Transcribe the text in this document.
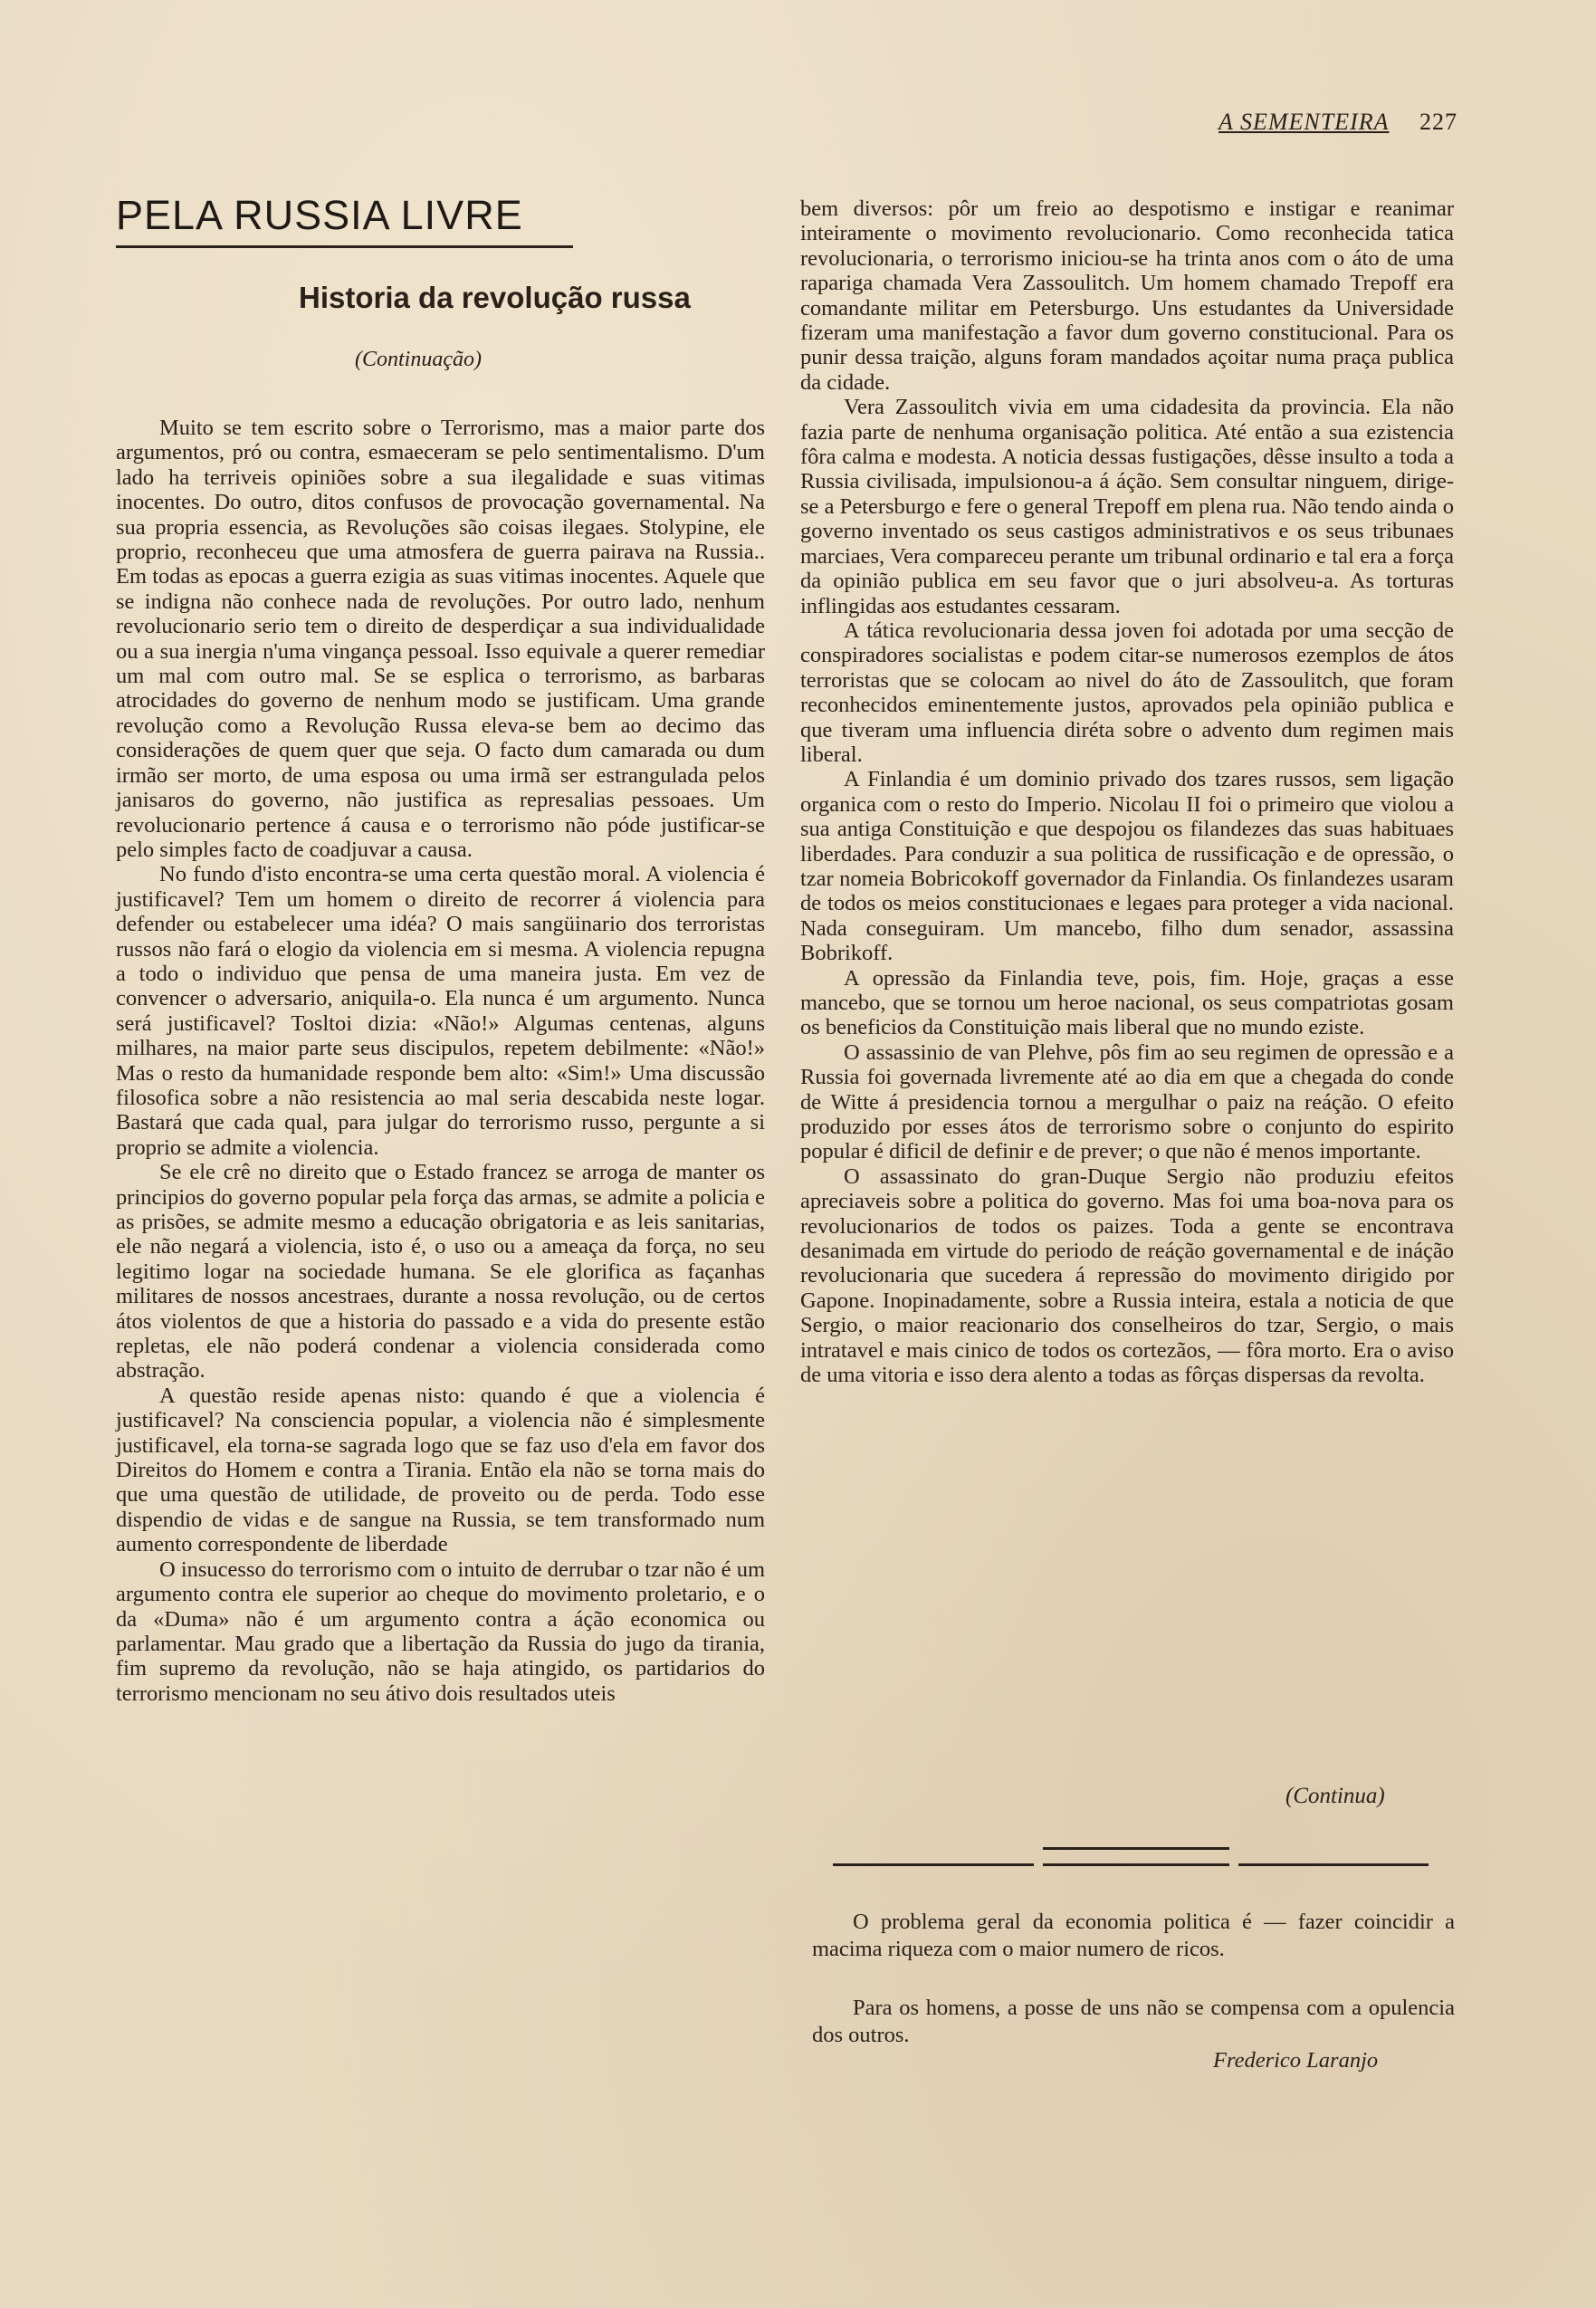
A SEMENTEIRA 227
PELA RUSSIA LIVRE
Historia da revolução russa
(Continuação)

Muito se tem escrito sobre o Terrorismo, mas a maior parte dos argumentos, pró ou contra, esmaeceram se pelo sentimentalismo. D'um lado ha terriveis opiniões sobre a sua ilegalidade e suas vitimas inocentes. Do outro, ditos confusos de provocação governamental. Na sua propria essencia, as Revoluções são coisas ilegaes. Stolypine, ele proprio, reconheceu que uma atmosfera de guerra pairava na Russia.. Em todas as epocas a guerra ezigia as suas vitimas inocentes. Aquele que se indigna não conhece nada de revoluções. Por outro lado, nenhum revolucionario serio tem o direito de desperdiçar a sua individualidade ou a sua inergia n'uma vingança pessoal. Isso equivale a querer remediar um mal com outro mal. Se se esplica o terrorismo, as barbaras atrocidades do governo de nenhum modo se justificam. Uma grande revolução como a Revolução Russa eleva-se bem ao decimo das considerações de quem quer que seja. O facto dum camarada ou dum irmão ser morto, de uma esposa ou uma irmã ser estrangulada pelos janisaros do governo, não justifica as represalias pessoaes. Um revolucionario pertence á causa e o terrorismo não póde justificar-se pelo simples facto de coadjuvar a causa.

No fundo d'isto encontra-se uma certa questão moral. A violencia é justificavel? Tem um homem o direito de recorrer á violencia para defender ou estabelecer uma idéa? O mais sangüinario dos terroristas russos não fará o elogio da violencia em si mesma. A violencia repugna a todo o individuo que pensa de uma maneira justa. Em vez de convencer o adversario, aniquila-o. Ela nunca é um argumento. Nunca será justificavel? Tosltoi dizia: «Não!» Algumas centenas, alguns milhares, na maior parte seus discipulos, repetem debilmente: «Não!» Mas o resto da humanidade responde bem alto: «Sim!» Uma discussão filosofica sobre a não resistencia ao mal seria descabida neste logar. Bastará que cada qual, para julgar do terrorismo russo, pergunte a si proprio se admite a violencia.

Se ele crê no direito que o Estado francez se arroga de manter os principios do governo popular pela força das armas, se admite a policia e as prisões, se admite mesmo a educação obrigatoria e as leis sanitarias, ele não negará a violencia, isto é, o uso ou a ameaça da força, no seu legitimo logar na sociedade humana. Se ele glorifica as façanhas militares de nossos ancestraes, durante a nossa revolução, ou de certos átos violentos de que a historia do passado e a vida do presente estão repletas, ele não poderá condenar a violencia considerada como abstração.

A questão reside apenas nisto: quando é que a violencia é justificavel? Na consciencia popular, a violencia não é simplesmente justificavel, ela torna-se sagrada logo que se faz uso d'ela em favor dos Direitos do Homem e contra a Tirania. Então ela não se torna mais do que uma questão de utilidade, de proveito ou de perda. Todo esse dispendio de vidas e de sangue na Russia, se tem transformado num aumento correspondente de liberdade

O insucesso do terrorismo com o intuito de derrubar o tzar não é um argumento contra ele superior ao cheque do movimento proletario, e o da «Duma» não é um argumento contra a áção economica ou parlamentar. Mau grado que a libertação da Russia do jugo da tirania, fim supremo da revolução, não se haja atingido, os partidarios do terrorismo mencionam no seu átivo dois resultados uteis

bem diversos: pôr um freio ao despotismo e instigar e reanimar inteiramente o movimento revolucionario. Como reconhecida tatica revolucionaria, o terrorismo iniciou-se ha trinta anos com o áto de uma rapariga chamada Vera Zassoulitch. Um homem chamado Trepoff era comandante militar em Petersburgo. Uns estudantes da Universidade fizeram uma manifestação a favor dum governo constitucional. Para os punir dessa traição, alguns foram mandados açoitar numa praça publica da cidade.

Vera Zassoulitch vivia em uma cidadesita da provincia. Ela não fazia parte de nenhuma organisação politica. Até então a sua ezistencia fôra calma e modesta. A noticia dessas fustigações, dêsse insulto a toda a Russia civilisada, impulsionou-a á áção. Sem consultar ninguem, dirige-se a Petersburgo e fere o general Trepoff em plena rua. Não tendo ainda o governo inventado os seus castigos administrativos e os seus tribunaes marciaes, Vera compareceu perante um tribunal ordinario e tal era a força da opinião publica em seu favor que o juri absolveu-a. As torturas inflingidas aos estudantes cessaram.

A tática revolucionaria dessa joven foi adotada por uma secção de conspiradores socialistas e podem citar-se numerosos ezemplos de átos terroristas que se colocam ao nivel do áto de Zassoulitch, que foram reconhecidos eminentemente justos, aprovados pela opinião publica e que tiveram uma influencia diréta sobre o advento dum regimen mais liberal.

A Finlandia é um dominio privado dos tzares russos, sem ligação organica com o resto do Imperio. Nicolau II foi o primeiro que violou a sua antiga Constituição e que despojou os filandezes das suas habituaes liberdades. Para conduzir a sua politica de russificação e de opressão, o tzar nomeia Bobricokoff governador da Finlandia. Os finlandezes usaram de todos os meios constitucionaes e legaes para proteger a vida nacional. Nada conseguiram. Um mancebo, filho dum senador, assassina Bobrikoff.

A opressão da Finlandia teve, pois, fim. Hoje, graças a esse mancebo, que se tornou um heroe nacional, os seus compatriotas gosam os beneficios da Constituição mais liberal que no mundo eziste.

O assassinio de van Plehve, pôs fim ao seu regimen de opressão e a Russia foi governada livremente até ao dia em que a chegada do conde de Witte á presidencia tornou a mergulhar o paiz na reáção. O efeito produzido por esses átos de terrorismo sobre o conjunto do espirito popular é dificil de definir e de prever; o que não é menos importante.

O assassinato do gran-Duque Sergio não produziu efeitos apreciaveis sobre a politica do governo. Mas foi uma boa-nova para os revolucionarios de todos os paizes. Toda a gente se encontrava desanimada em virtude do periodo de reáção governamental e de ináção revolucionaria que sucedera á repressão do movimento dirigido por Gapone. Inopinadamente, sobre a Russia inteira, estala a noticia de que Sergio, o maior reacionario dos conselheiros do tzar, Sergio, o mais intratavel e mais cinico de todos os cortezãos, — fôra morto. Era o aviso de uma vitoria e isso dera alento a todas as fôrças dispersas da revolta.

(Continua)

O problema geral da economia politica é — fazer coincidir a macima riqueza com o maior numero de ricos.

Para os homens, a posse de uns não se compensa com a opulencia dos outros.

Frederico Laranjo
